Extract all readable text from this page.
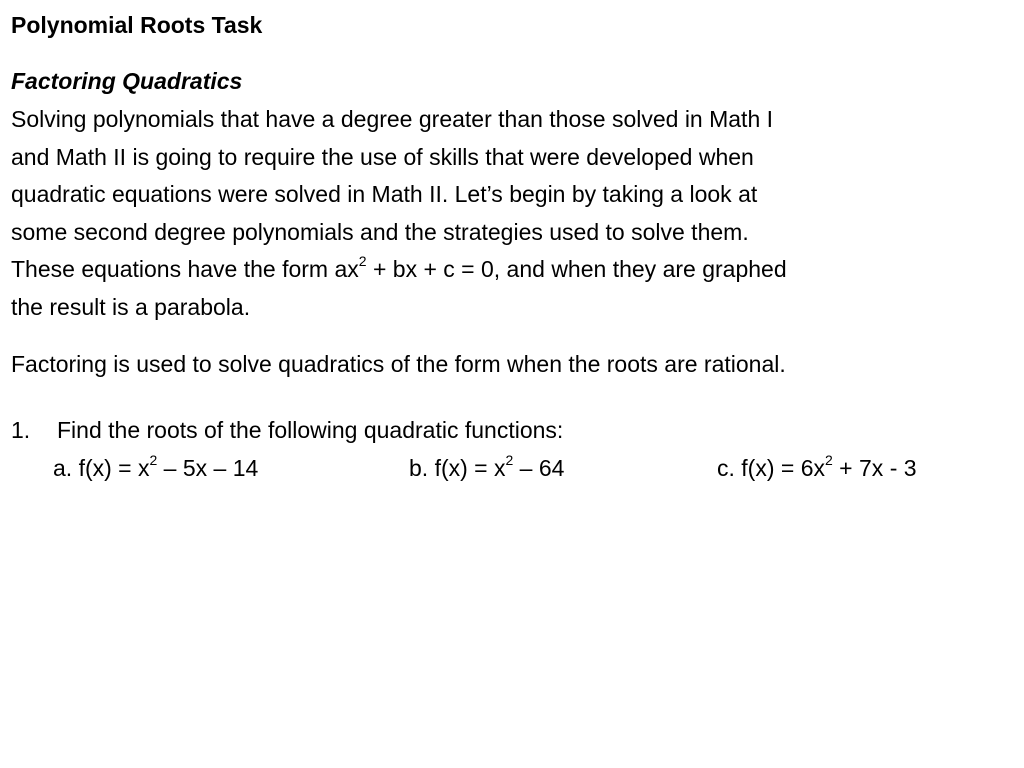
Polynomial Roots Task
Factoring Quadratics
Solving polynomials that have a degree greater than those solved in Math I
and Math II is going to require the use of skills that were developed when
quadratic equations were solved in Math II. Let’s begin by taking a look at
some second degree polynomials and the strategies used to solve them.
These equations have the form $ax^2$ + bx + c = 0, and when they are graphed
the result is a parabola.
Factoring is used to solve quadratics of the form when the roots are rational.
1. Find the roots of the following quadratic functions:
a. $f(x) = x^2 - 5x - 14$	b. $f(x) = x^2 - 64$	c. $f(x) = 6x^2 + 7x - 3$
